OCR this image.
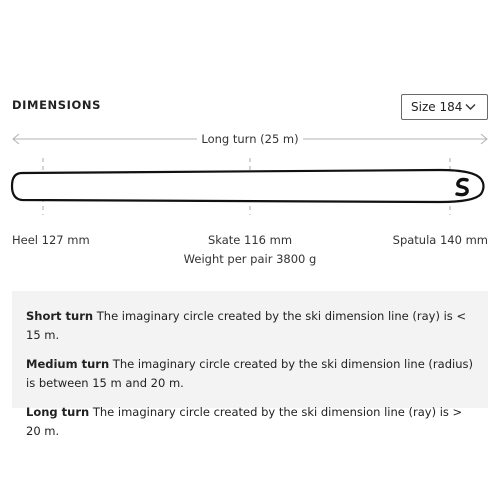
DIMENSIONS	Size 184
Long turn (25 m)
Heel 127 mm	Skate 116 mm	Spatula 140 mm
Weight per pair 3800 g

Short turn The imaginary circle created by the ski dimension line (ray) is < 15 m.

Medium turn The imaginary circle created by the ski dimension line (radius) is between 15 m and 20 m.

Long turn The imaginary circle created by the ski dimension line (ray) is > 20 m.
